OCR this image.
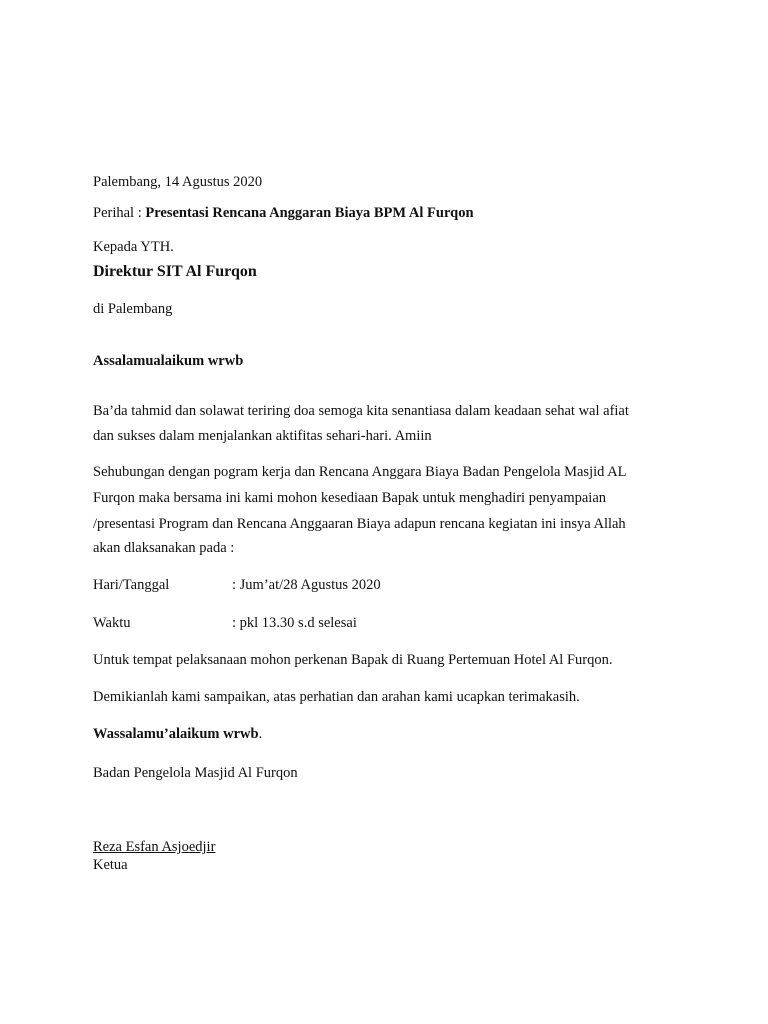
Palembang, 14 Agustus 2020
Perihal : Presentasi Rencana Anggaran Biaya BPM Al Furqon
Kepada YTH.
Direktur SIT Al Furqon
di Palembang
Assalamualaikum wrwb
Ba’da tahmid dan solawat teriring doa semoga kita senantiasa dalam keadaan sehat wal afiat
dan sukses dalam menjalankan aktifitas sehari-hari. Amiin
Sehubungan dengan pogram kerja dan Rencana Anggara Biaya Badan Pengelola Masjid AL
Furqon maka bersama ini kami mohon kesediaan Bapak untuk menghadiri penyampaian
/presentasi Program dan Rencana Anggaaran Biaya adapun rencana kegiatan ini insya Allah
akan dlaksanakan pada :
Hari/Tanggal	: Jum’at/28 Agustus 2020
Waktu	: pkl 13.30 s.d selesai
Untuk tempat pelaksanaan mohon perkenan Bapak di Ruang Pertemuan Hotel Al Furqon.
Demikianlah kami sampaikan, atas perhatian dan arahan kami ucapkan terimakasih.
Wassalamu’alaikum wrwb.
Badan Pengelola Masjid Al Furqon
Reza Esfan Asjoedjir
Ketua
